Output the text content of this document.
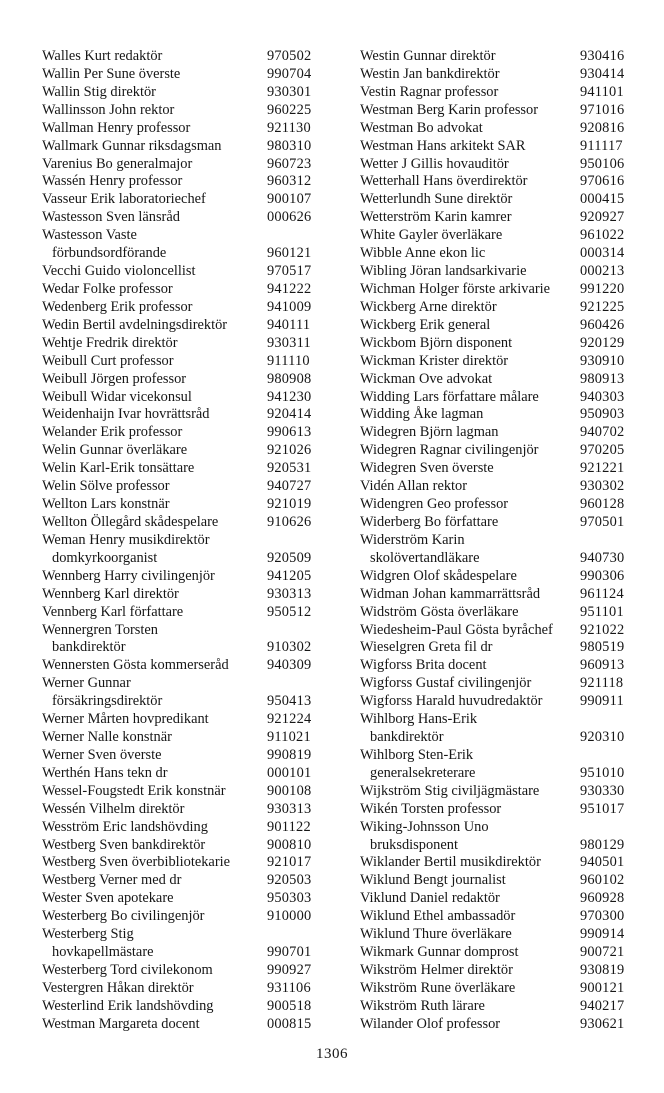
Walles Kurt redaktör	970502
Wallin Per Sune överste	990704
Wallin Stig direktör	930301
Wallinsson John rektor	960225
Wallman Henry professor	921130
Wallmark Gunnar riksdagsman	980310
Varenius Bo generalmajor	960723
Wassén Henry professor	960312
Vasseur Erik laboratoriechef	900107
Wastesson Sven länsråd	000626
Wastesson Vaste
förbundsordförande	960121
Vecchi Guido violoncellist	970517
Wedar Folke professor	941222
Wedenberg Erik professor	941009
Wedin Bertil avdelningsdirektör	940111
Wehtje Fredrik direktör	930311
Weibull Curt professor	911110
Weibull Jörgen professor	980908
Weibull Widar vicekonsul	941230
Weidenhaijn Ivar hovrättsråd	920414
Welander Erik professor	990613
Welin Gunnar överläkare	921026
Welin Karl-Erik tonsättare	920531
Welin Sölve professor	940727
Wellton Lars konstnär	921019
Wellton Öllegård skådespelare	910626
Weman Henry musikdirektör
domkyrkoorganist	920509
Wennberg Harry civilingenjör	941205
Wennberg Karl direktör	930313
Vennberg Karl författare	950512
Wennergren Torsten
bankdirektör	910302
Wennersten Gösta kommerseråd	940309
Werner Gunnar
försäkringsdirektör	950413
Werner Mårten hovpredikant	921224
Werner Nalle konstnär	911021
Werner Sven överste	990819
Werthén Hans tekn dr	000101
Wessel-Fougstedt Erik konstnär	900108
Wessén Vilhelm direktör	930313
Wesström Eric landshövding	901122
Westberg Sven bankdirektör	900810
Westberg Sven överbibliotekarie	921017
Westberg Verner med dr	920503
Wester Sven apotekare	950303
Westerberg Bo civilingenjör	910000
Westerberg Stig
hovkapellmästare	990701
Westerberg Tord civilekonom	990927
Vestergren Håkan direktör	931106
Westerlind Erik landshövding	900518
Westman Margareta docent	000815
Westin Gunnar direktör	930416
Westin Jan bankdirektör	930414
Vestin Ragnar professor	941101
Westman Berg Karin professor	971016
Westman Bo advokat	920816
Westman Hans arkitekt SAR	911117
Wetter J Gillis hovauditör	950106
Wetterhall Hans överdirektör	970616
Wetterlundh Sune direktör	000415
Wetterström Karin kamrer	920927
White Gayler överläkare	961022
Wibble Anne ekon lic	000314
Wibling Jöran landsarkivarie	000213
Wichman Holger förste arkivarie	991220
Wickberg Arne direktör	921225
Wickberg Erik general	960426
Wickbom Björn disponent	920129
Wickman Krister direktör	930910
Wickman Ove advokat	980913
Widding Lars författare målare	940303
Widding Åke lagman	950903
Widegren Björn lagman	940702
Widegren Ragnar civilingenjör	970205
Widegren Sven överste	921221
Vidén Allan rektor	930302
Widengren Geo professor	960128
Widerberg Bo författare	970501
Widerström Karin
skolövertandläkare	940730
Widgren Olof skådespelare	990306
Widman Johan kammarrättsråd	961124
Widström Gösta överläkare	951101
Wiedesheim-Paul Gösta byråchef	921022
Wieselgren Greta fil dr	980519
Wigforss Brita docent	960913
Wigforss Gustaf civilingenjör	921118
Wigforss Harald huvudredaktör	990911
Wihlborg Hans-Erik
bankdirektör	920310
Wihlborg Sten-Erik
generalsekreterare	951010
Wijkström Stig civiljägmästare	930330
Wikén Torsten professor	951017
Wiking-Johnsson Uno
bruksdisponent	980129
Wiklander Bertil musikdirektör	940501
Wiklund Bengt journalist	960102
Viklund Daniel redaktör	960928
Wiklund Ethel ambassadör	970300
Wiklund Thure överläkare	990914
Wikmark Gunnar domprost	900721
Wikström Helmer direktör	930819
Wikström Rune överläkare	900121
Wikström Ruth lärare	940217
Wilander Olof professor	930621
1306
